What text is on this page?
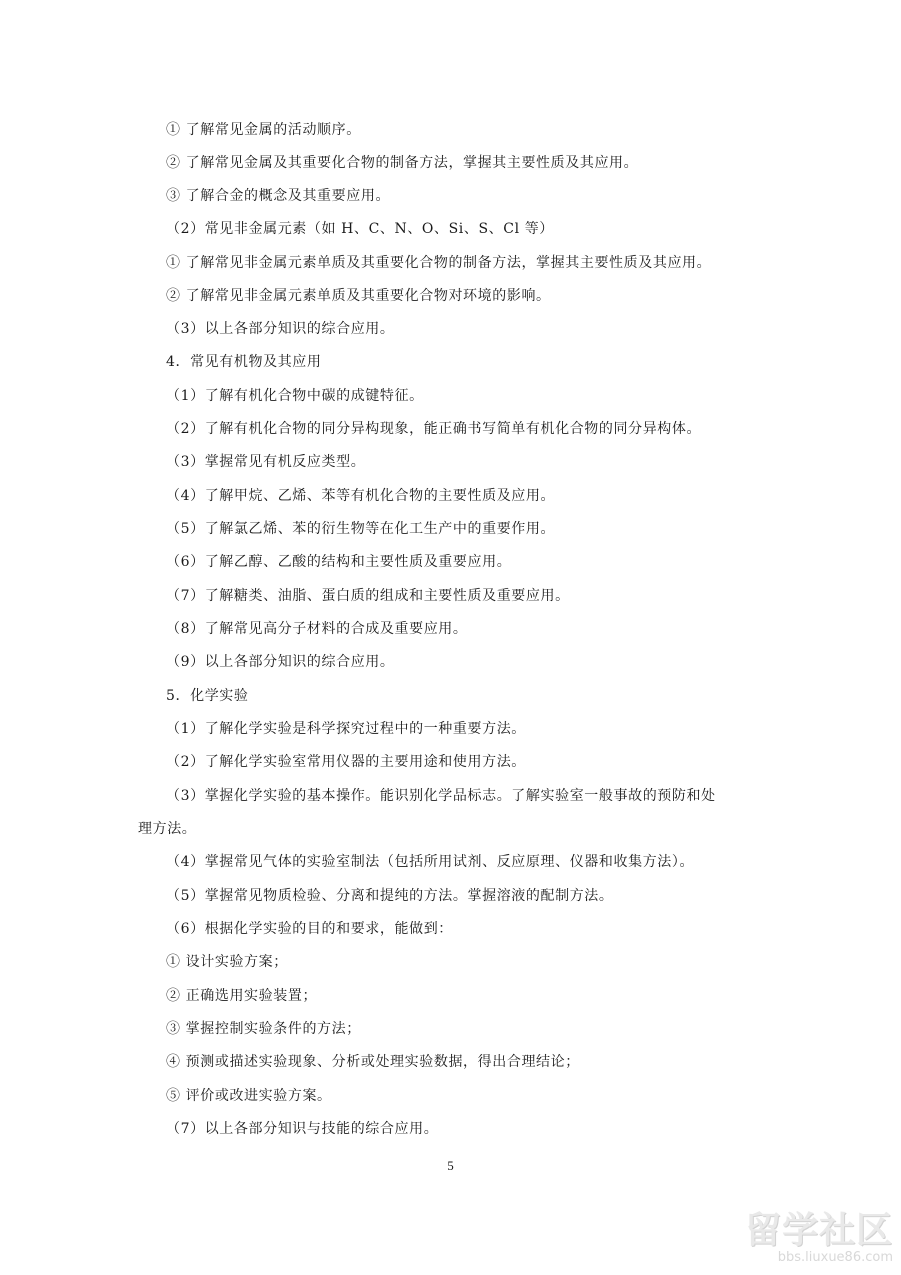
① 了解常见金属的活动顺序。
② 了解常见金属及其重要化合物的制备方法，掌握其主要性质及其应用。
③ 了解合金的概念及其重要应用。
（2）常见非金属元素（如 H、C、N、O、Si、S、Cl 等）
① 了解常见非金属元素单质及其重要化合物的制备方法，掌握其主要性质及其应用。
② 了解常见非金属元素单质及其重要化合物对环境的影响。
（3）以上各部分知识的综合应用。
4．常见有机物及其应用
（1）了解有机化合物中碳的成键特征。
（2）了解有机化合物的同分异构现象，能正确书写简单有机化合物的同分异构体。
（3）掌握常见有机反应类型。
（4）了解甲烷、乙烯、苯等有机化合物的主要性质及应用。
（5）了解氯乙烯、苯的衍生物等在化工生产中的重要作用。
（6）了解乙醇、乙酸的结构和主要性质及重要应用。
（7）了解糖类、油脂、蛋白质的组成和主要性质及重要应用。
（8）了解常见高分子材料的合成及重要应用。
（9）以上各部分知识的综合应用。
5．化学实验
（1）了解化学实验是科学探究过程中的一种重要方法。
（2）了解化学实验室常用仪器的主要用途和使用方法。
（3）掌握化学实验的基本操作。能识别化学品标志。了解实验室一般事故的预防和处
理方法。
（4）掌握常见气体的实验室制法（包括所用试剂、反应原理、仪器和收集方法）。
（5）掌握常见物质检验、分离和提纯的方法。掌握溶液的配制方法。
（6）根据化学实验的目的和要求，能做到：
① 设计实验方案；
② 正确选用实验装置；
③ 掌握控制实验条件的方法；
④ 预测或描述实验现象、分析或处理实验数据，得出合理结论；
⑤ 评价或改进实验方案。
（7）以上各部分知识与技能的综合应用。
5
留学社区
bbs.liuxue86.com
